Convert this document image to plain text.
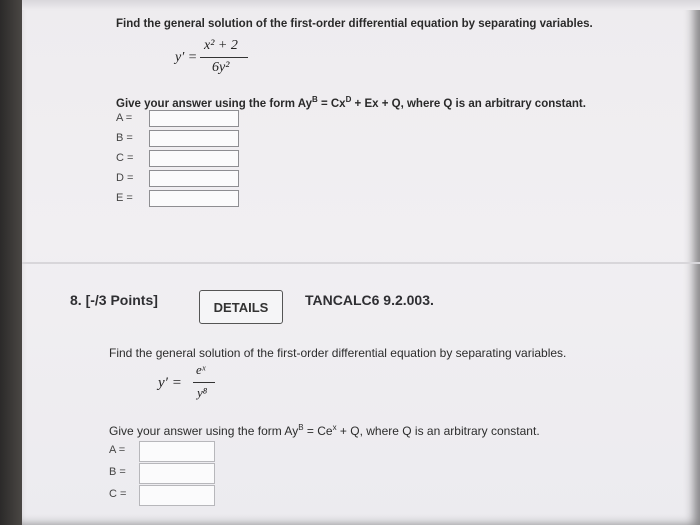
Find the general solution of the first-order differential equation by separating variables.
y′ =
x² + 2
6y²
Give your answer using the form $Ay^B = Cx^D + Ex + Q$, where Q is an arbitrary constant.
A =
B =
C =
D =
E =
8. [-/3 Points]	DETAILS	TANCALC6 9.2.003.
Find the general solution of the first-order differential equation by separating variables.
y′ =
eˣ
y⁸
Give your answer using the form $Ay^B = Ce^x + Q$, where Q is an arbitrary constant.
A =
B =
C =
